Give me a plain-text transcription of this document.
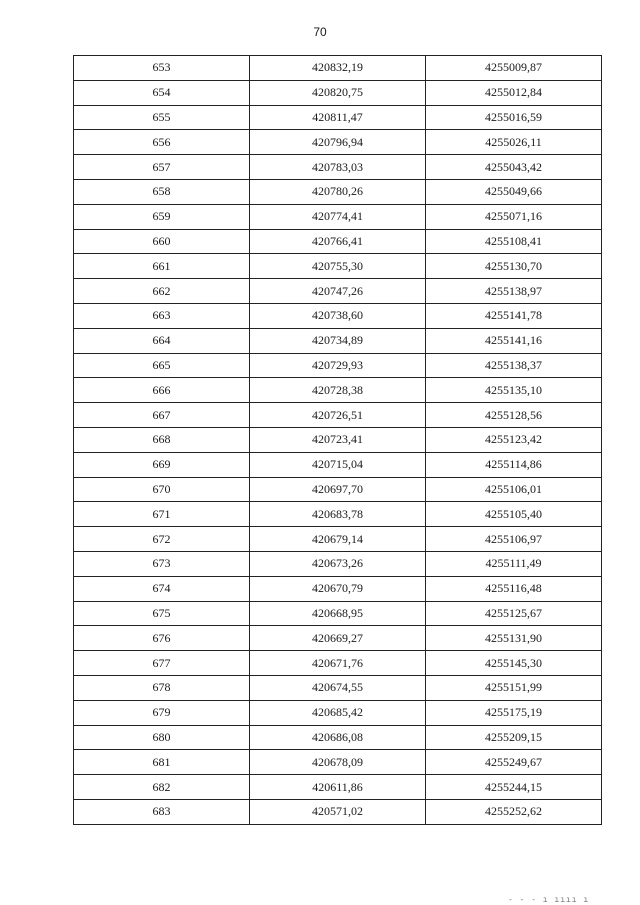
70
653	420832,19	4255009,87
654	420820,75	4255012,84
655	420811,47	4255016,59
656	420796,94	4255026,11
657	420783,03	4255043,42
658	420780,26	4255049,66
659	420774,41	4255071,16
660	420766,41	4255108,41
661	420755,30	4255130,70
662	420747,26	4255138,97
663	420738,60	4255141,78
664	420734,89	4255141,16
665	420729,93	4255138,37
666	420728,38	4255135,10
667	420726,51	4255128,56
668	420723,41	4255123,42
669	420715,04	4255114,86
670	420697,70	4255106,01
671	420683,78	4255105,40
672	420679,14	4255106,97
673	420673,26	4255111,49
674	420670,79	4255116,48
675	420668,95	4255125,67
676	420669,27	4255131,90
677	420671,76	4255145,30
678	420674,55	4255151,99
679	420685,42	4255175,19
680	420686,08	4255209,15
681	420678,09	4255249,67
682	420611,86	4255244,15
683	420571,02	4255252,62
- - - ı ıııı ı
